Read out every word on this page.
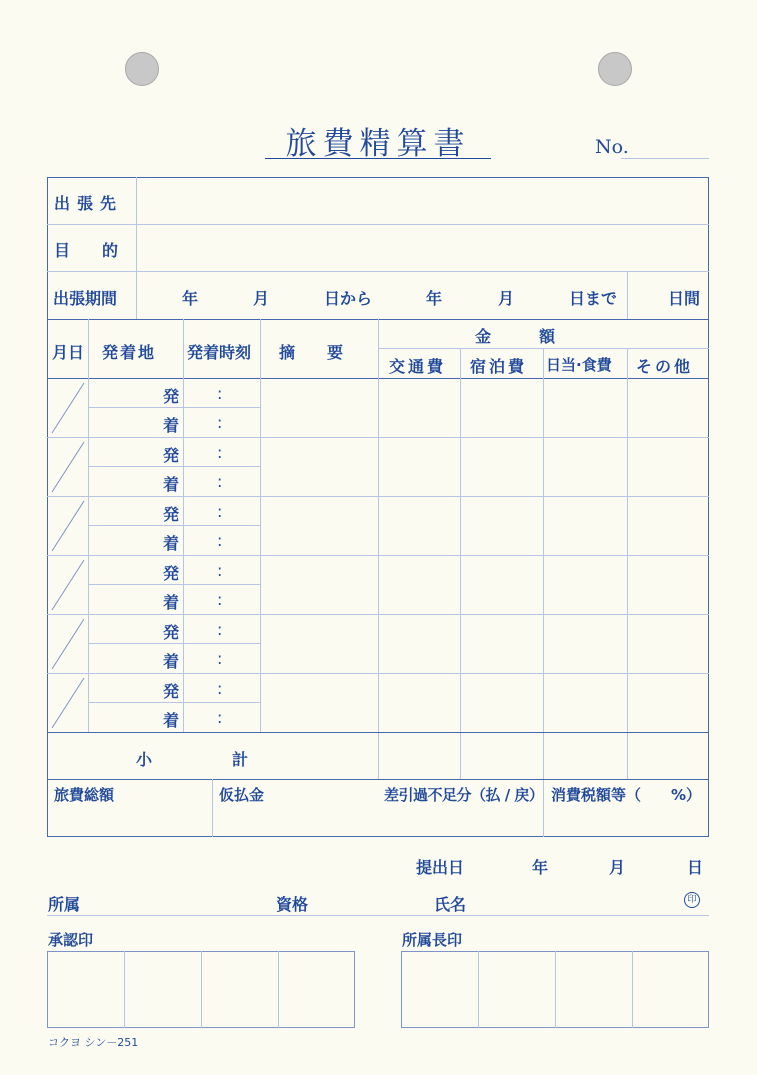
旅費精算書	No.
出張先
目　　的
出張期間	年	月	日から	年	月	日まで	日間
月日 発着地 発着時刻 摘　　要
金　　　額
交通費 宿泊費 日当·食費 その他
発 :
着 :
発 :
着 :
発 :
着 :
発 :
着 :
発 :
着 :
発 :
着 :
小　　　　　計
旅費総額	仮払金	差引過不足分（払 / 戻） 消費税額等（　　%）
提出日	年	月	日
所属	資格	氏名	印
承認印	所属長印
コクヨ シン－251
